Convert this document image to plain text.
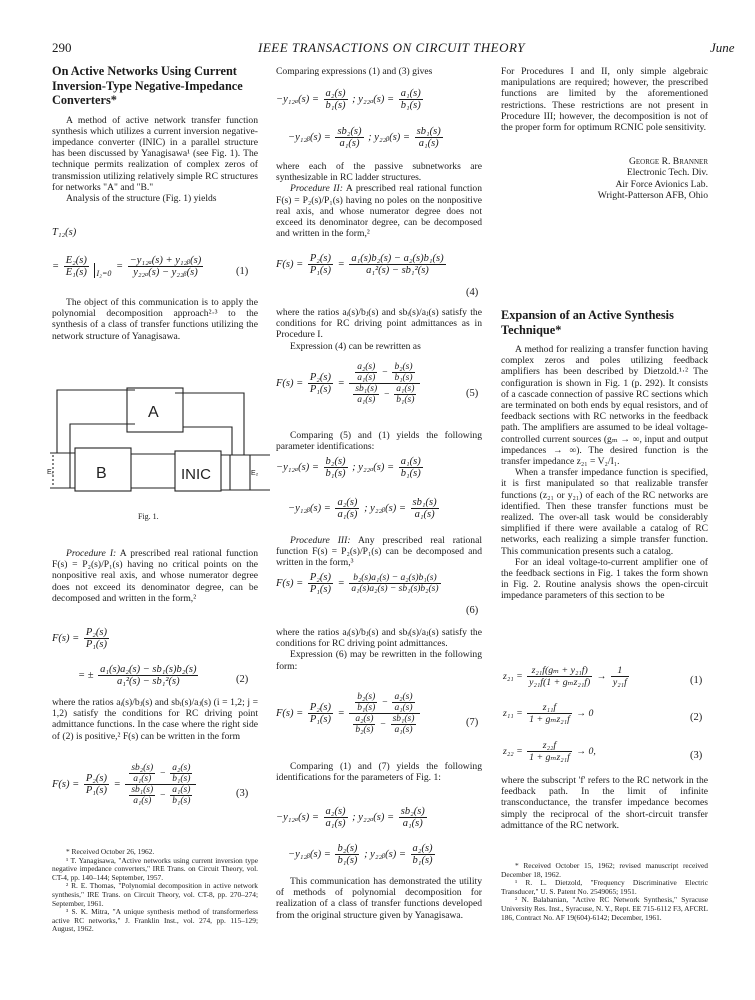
290	IEEE TRANSACTIONS ON CIRCUIT THEORY	June
On Active Networks Using Current Inversion-Type Negative-Impedance Converters*

A method of active network transfer function synthesis which utilizes a current inversion negative-impedance converter (INIC) in a parallel structure has been discussed by Yanagisawa¹ (see Fig. 1). The technique permits realization of complex zeros of transmission utilizing relatively simple RC structures for networks "A" and "B."

Analysis of the structure (Fig. 1) yields

T₁₂(s)
= $\frac{\text{E₂(s)}}{\text{E₁(s)}} I_2=0 = \frac{\text{−y₁₂ₐ(s) + y₁₂ᵦ(s)}}{\text{y₂₂ₐ(s) − y₂₂ᵦ(s)}}$	(1)

The object of this communication is to apply the polynomial decomposition approach²·³ to the synthesis of a class of transfer functions utilizing the network structure of Yanagisawa.

A
B	INIC
E₁	E₂
Fig. 1.

Procedure I: A prescribed real rational function F(s) = P₂(s)/P₁(s) having no critical points on the nonpositive real axis, and whose numerator degree does not exceed its denominator degree, can be decomposed and written in the form,²

$F(s) = \frac{\text{P₂(s)}}{\text{P₁(s)}}$
= ± $\frac{\text{a₁(s)a₂(s) − sb₁(s)b₂(s)}}{\text{a₁²(s) − sb₁²(s)}}$	(2)

where the ratios aᵢ(s)/bⱼ(s) and sbᵢ(s)/aⱼ(s) (i = 1,2; j = 1,2) satisfy the conditions for RC driving point admittance functions. In the case where the right side of (2) is positive,² F(s) can be written in the form

$F(s) = \frac{\text{P₂(s)}}{\text{P₁(s)}} = \frac{\frac{\text{sb₂(s)}}{\text{a₁(s)}} - \frac{\text{a₂(s)}}{\text{b₁(s)}}}{\frac{\text{sb₁(s)}}{\text{a₁(s)}} - \frac{\text{a₁(s)}}{\text{b₁(s)}}}$	(3)

* Received October 26, 1962.

¹ T. Yanagisawa, "Active networks using current inversion type negative impedance converters," IRE Trans. on Circuit Theory, vol. CT-4, pp. 140–144; September, 1957.

² R. E. Thomas, "Polynomial decomposition in active network synthesis," IRE Trans. on Circuit Theory, vol. CT-8, pp. 270–274; September, 1961.

³ S. K. Mitra, "A unique synthesis method of transformerless active RC networks," J. Franklin Inst., vol. 274, pp. 115–129; August, 1962.

Comparing expressions (1) and (3) gives

$-y_{12a}(s) = \frac{\text{a₂(s)}}{\text{b₁(s)}}$ ; $y_{22a}(s) = \frac{\text{a₁(s)}}{\text{b₁(s)}}$
−y₁₂ᵦ(s) = $\frac{\text{sb₂(s)}}{\text{a₁(s)}}$ ; y₂₂ᵦ(s) = $\frac{\text{sb₁(s)}}{\text{a₁(s)}}$

where each of the passive subnetworks are synthesizable in RC ladder structures.

Procedure II: A prescribed real rational function F(s) = P₂(s)/P₁(s) having no poles on the nonpositive real axis, and whose numerator degree does not exceed its denominator degree, can be decomposed and written in the form,²

$F(s) = \frac{\text{P₂(s)}}{\text{P₁(s)}} = \frac{\text{a₁(s)b₂(s) − a₂(s)b₁(s)}}{\text{a₁²(s) − sb₁²(s)}}$
(4)

where the ratios aᵢ(s)/bⱼ(s) and sbᵢ(s)/aⱼ(s) satisfy the conditions for RC driving point admittances as in Procedure I.

Expression (4) can be rewritten as

$F(s) = \frac{\text{P₂(s)}}{\text{P₁(s)}} = \frac{\frac{\text{a₂(s)}}{\text{a₁(s)}} - \frac{\text{b₂(s)}}{\text{b₁(s)}}}{\frac{\text{sb₁(s)}}{\text{a₁(s)}} - \frac{\text{a₁(s)}}{\text{b₁(s)}}}$	(5)

Comparing (5) and (1) yields the following parameter identifications:

$-y_{12a}(s) = \frac{\text{b₂(s)}}{\text{b₁(s)}}$ ; $y_{22a}(s) = \frac{\text{a₁(s)}}{\text{b₁(s)}}$
−y₁₂ᵦ(s) = $\frac{\text{a₂(s)}}{\text{a₁(s)}}$ ; y₂₂ᵦ(s) = $\frac{\text{sb₁(s)}}{\text{a₁(s)}}$

Procedure III: Any prescribed real rational function F(s) = P₂(s)/P₁(s) can be decomposed and written in the form,³

$F(s) = \frac{\text{P₂(s)}}{\text{P₁(s)}} = \frac{\text{b₂(s)a₁(s) − a₂(s)b₁(s)}}{\text{a₁(s)a₂(s) − sb₁(s)b₂(s)}}$
(6)

where the ratios aᵢ(s)/bⱼ(s) and sbᵢ(s)/aⱼ(s) satisfy the conditions for RC driving point admittances.

Expression (6) may be rewritten in the following form:

$F(s) = \frac{\text{P₂(s)}}{\text{P₁(s)}} = \frac{\frac{\text{b₂(s)}}{\text{b₁(s)}} - \frac{\text{a₂(s)}}{\text{a₁(s)}}}{\frac{\text{a₂(s)}}{\text{b₂(s)}} - \frac{\text{sb₁(s)}}{\text{a₁(s)}}}$	(7)

Comparing (1) and (7) yields the following identifications for the parameters of Fig. 1:

$-y_{12a}(s) = \frac{\text{a₂(s)}}{\text{a₁(s)}}$ ; $y_{22a}(s) = \frac{\text{sb₂(s)}}{\text{a₁(s)}}$
−y₁₂ᵦ(s) = $\frac{\text{b₂(s)}}{\text{b₁(s)}}$ ; y₂₂ᵦ(s) = $\frac{\text{a₂(s)}}{\text{b₁(s)}}$

This communication has demonstrated the utility of methods of polynomial decomposition for realization of a class of transfer functions developed from the original structure given by Yanagisawa.

For Procedures I and II, only simple algebraic manipulations are required; however, the prescribed functions are limited by the aforementioned restrictions. These restrictions are not present in Procedure III; however, the decomposition is not of the proper form for optimum RCNIC pole sensitivity.

George R. Branner
Electronic Tech. Div.
Air Force Avionics Lab.
Wright-Patterson AFB, Ohio
Expansion of an Active Synthesis Technique*

A method for realizing a transfer function having complex zeros and poles utilizing feedback amplifiers has been described by Dietzold.¹·² The configuration is shown in Fig. 1 (p. 292). It consists of a cascade connection of passive RC sections which are terminated on both ends by equal resistors, and of feedback sections with RC networks in the feedback path. The amplifiers are assumed to be ideal voltage-controlled current sources (gₘ → ∞, input and output impedances → ∞). The desired function is the transfer impedance z₂₁ = V₂/I₁.

When a transfer impedance function is specified, it is first manipulated so that realizable transfer functions (z₂₁ or y₂₁) of each of the RC networks are identified. Then these transfer functions must be realized. The over-all task would be considerably simplified if there were available a catalog of RC networks, each realizing a simple transfer function. This communication presents such a catalog.

For an ideal voltage-to-current amplifier one of the feedback sections in Fig. 1 takes the form shown in Fig. 2. Routine analysis shows the open-circuit impedance parameters of this section to be

$z_{21} = \frac{\text{z₂₁f(gₘ + y₂₁f)}}{\text{y₂₁f(1 + gₘz₂₁f)}} \to \frac{1}{\text{y₂₁f}}$	(1)
$z_{11} = \frac{\text{z₁₁f}}{\text{1 + gₘz₂₁f}} \to 0$	(2)
$z_{22} = \frac{\text{z₂₂f}}{\text{1 + gₘz₂₁f}} \to 0$,	(3)

where the subscript 'f' refers to the RC network in the feedback path. In the limit of infinite transconductance, the transfer impedance becomes simply the reciprocal of the short-circuit transfer admittance of the RC network.

* Received October 15, 1962; revised manuscript received December 18, 1962.

¹ R. L. Dietzold, "Frequency Discriminative Electric Transducer," U. S. Patent No. 2549065; 1951.

² N. Balabanian, "Active RC Network Synthesis," Syracuse University Res. Inst., Syracuse, N. Y., Rept. EE 715-6112 F3, AFCRL 186, Contract No. AF 19(604)-6142; December, 1961.
